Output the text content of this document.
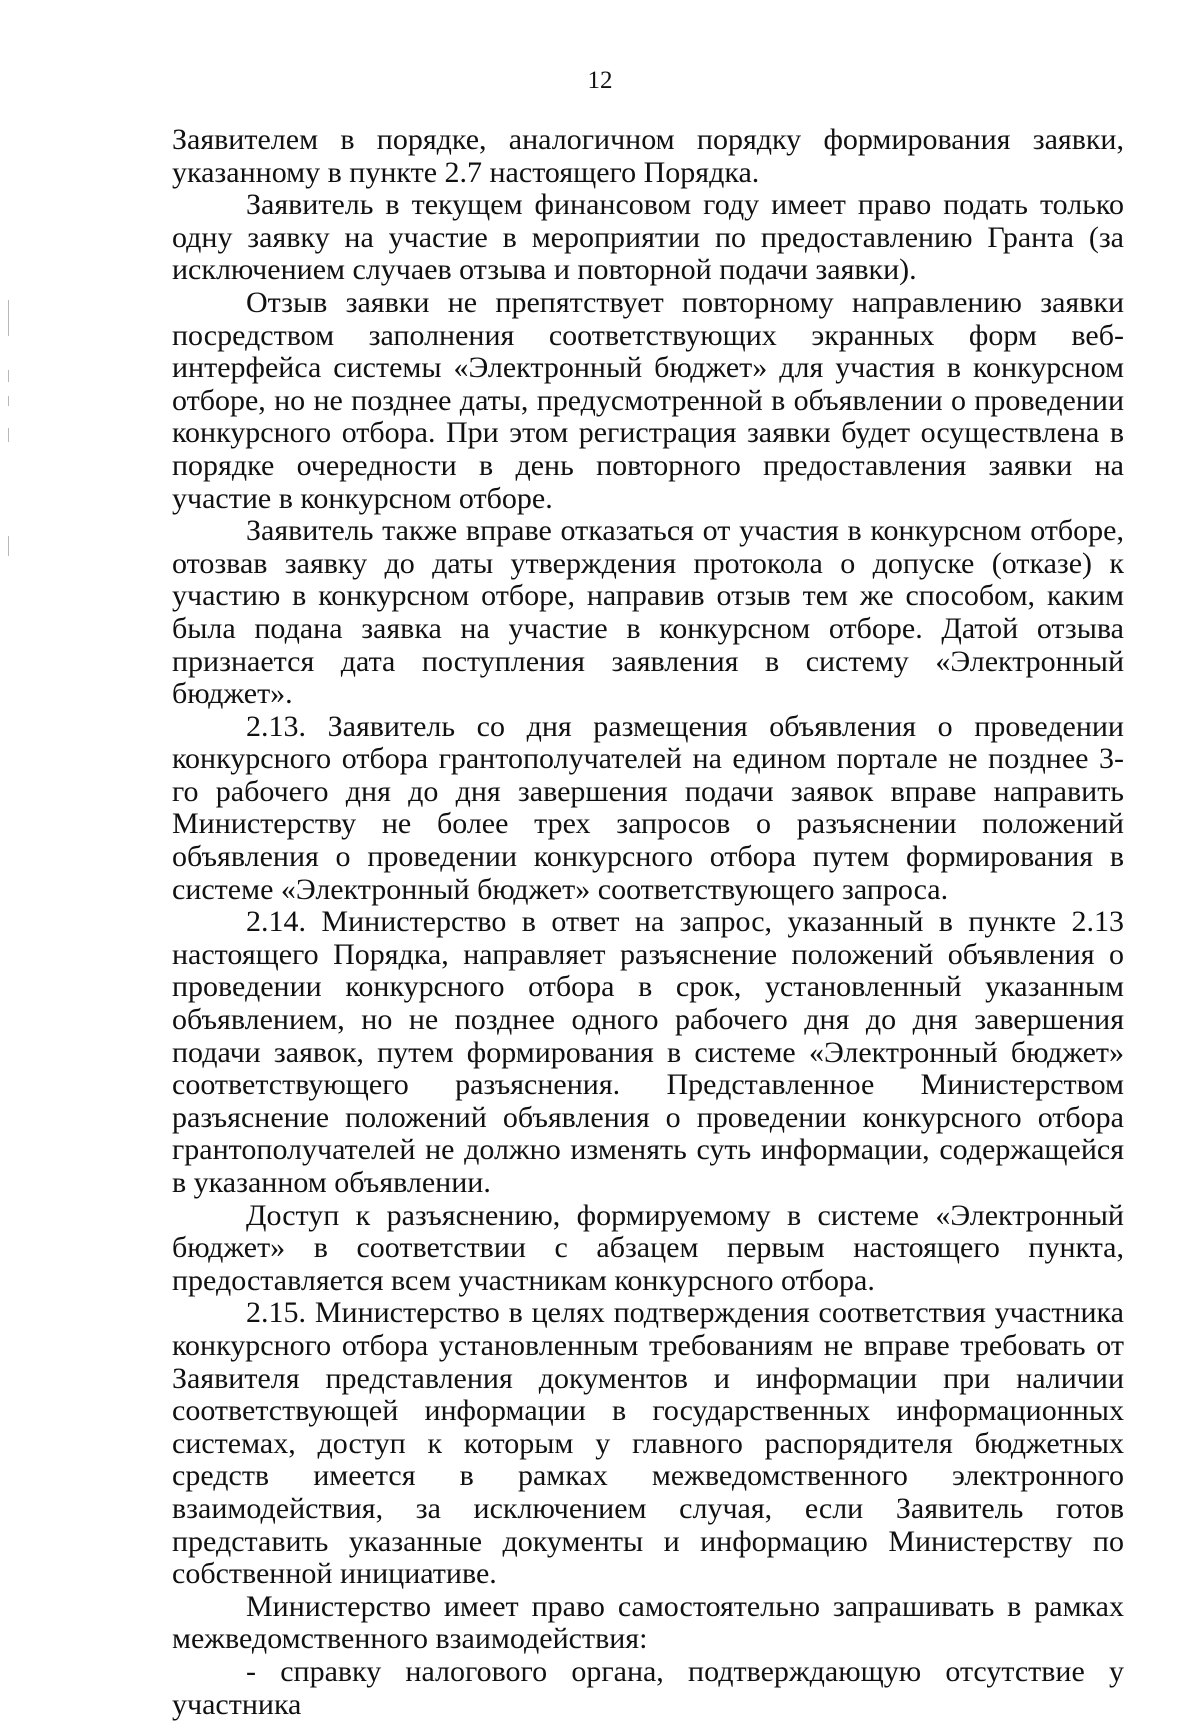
12

Заявителем в порядке, аналогичном порядку формирования заявки, указанному в пункте 2.7 настоящего Порядка.

Заявитель в текущем финансовом году имеет право подать только одну заявку на участие в мероприятии по предоставлению Гранта (за исключением случаев отзыва и повторной подачи заявки).

Отзыв заявки не препятствует повторному направлению заявки посредством заполнения соответствующих экранных форм веб-интерфейса системы «Электронный бюджет» для участия в конкурсном отборе, но не позднее даты, предусмотренной в объявлении о проведении конкурсного отбора. При этом регистрация заявки будет осуществлена в порядке очередности в день повторного предоставления заявки на участие в конкурсном отборе.

Заявитель также вправе отказаться от участия в конкурсном отборе, отозвав заявку до даты утверждения протокола о допуске (отказе) к участию в конкурсном отборе, направив отзыв тем же способом, каким была подана заявка на участие в конкурсном отборе. Датой отзыва признается дата поступления заявления в систему «Электронный бюджет».

2.13. Заявитель со дня размещения объявления о проведении конкурсного отбора грантополучателей на едином портале не позднее 3-го рабочего дня до дня завершения подачи заявок вправе направить Министерству не более трех запросов о разъяснении положений объявления о проведении конкурсного отбора путем формирования в системе «Электронный бюджет» соответствующего запроса.

2.14. Министерство в ответ на запрос, указанный в пункте 2.13 настоящего Порядка, направляет разъяснение положений объявления о проведении конкурсного отбора в срок, установленный указанным объявлением, но не позднее одного рабочего дня до дня завершения подачи заявок, путем формирования в системе «Электронный бюджет» соответствующего разъяснения. Представленное Министерством разъяснение положений объявления о проведении конкурсного отбора грантополучателей не должно изменять суть информации, содержащейся в указанном объявлении.

Доступ к разъяснению, формируемому в системе «Электронный бюджет» в соответствии с абзацем первым настоящего пункта, предоставляется всем участникам конкурсного отбора.

2.15. Министерство в целях подтверждения соответствия участника конкурсного отбора установленным требованиям не вправе требовать от Заявителя представления документов и информации при наличии соответствующей информации в государственных информационных системах, доступ к которым у главного распорядителя бюджетных средств имеется в рамках межведомственного электронного взаимодействия, за исключением случая, если Заявитель готов представить указанные документы и информацию Министерству по собственной инициативе.

Министерство имеет право самостоятельно запрашивать в рамках межведомственного взаимодействия:

- справку налогового органа, подтверждающую отсутствие у участника
